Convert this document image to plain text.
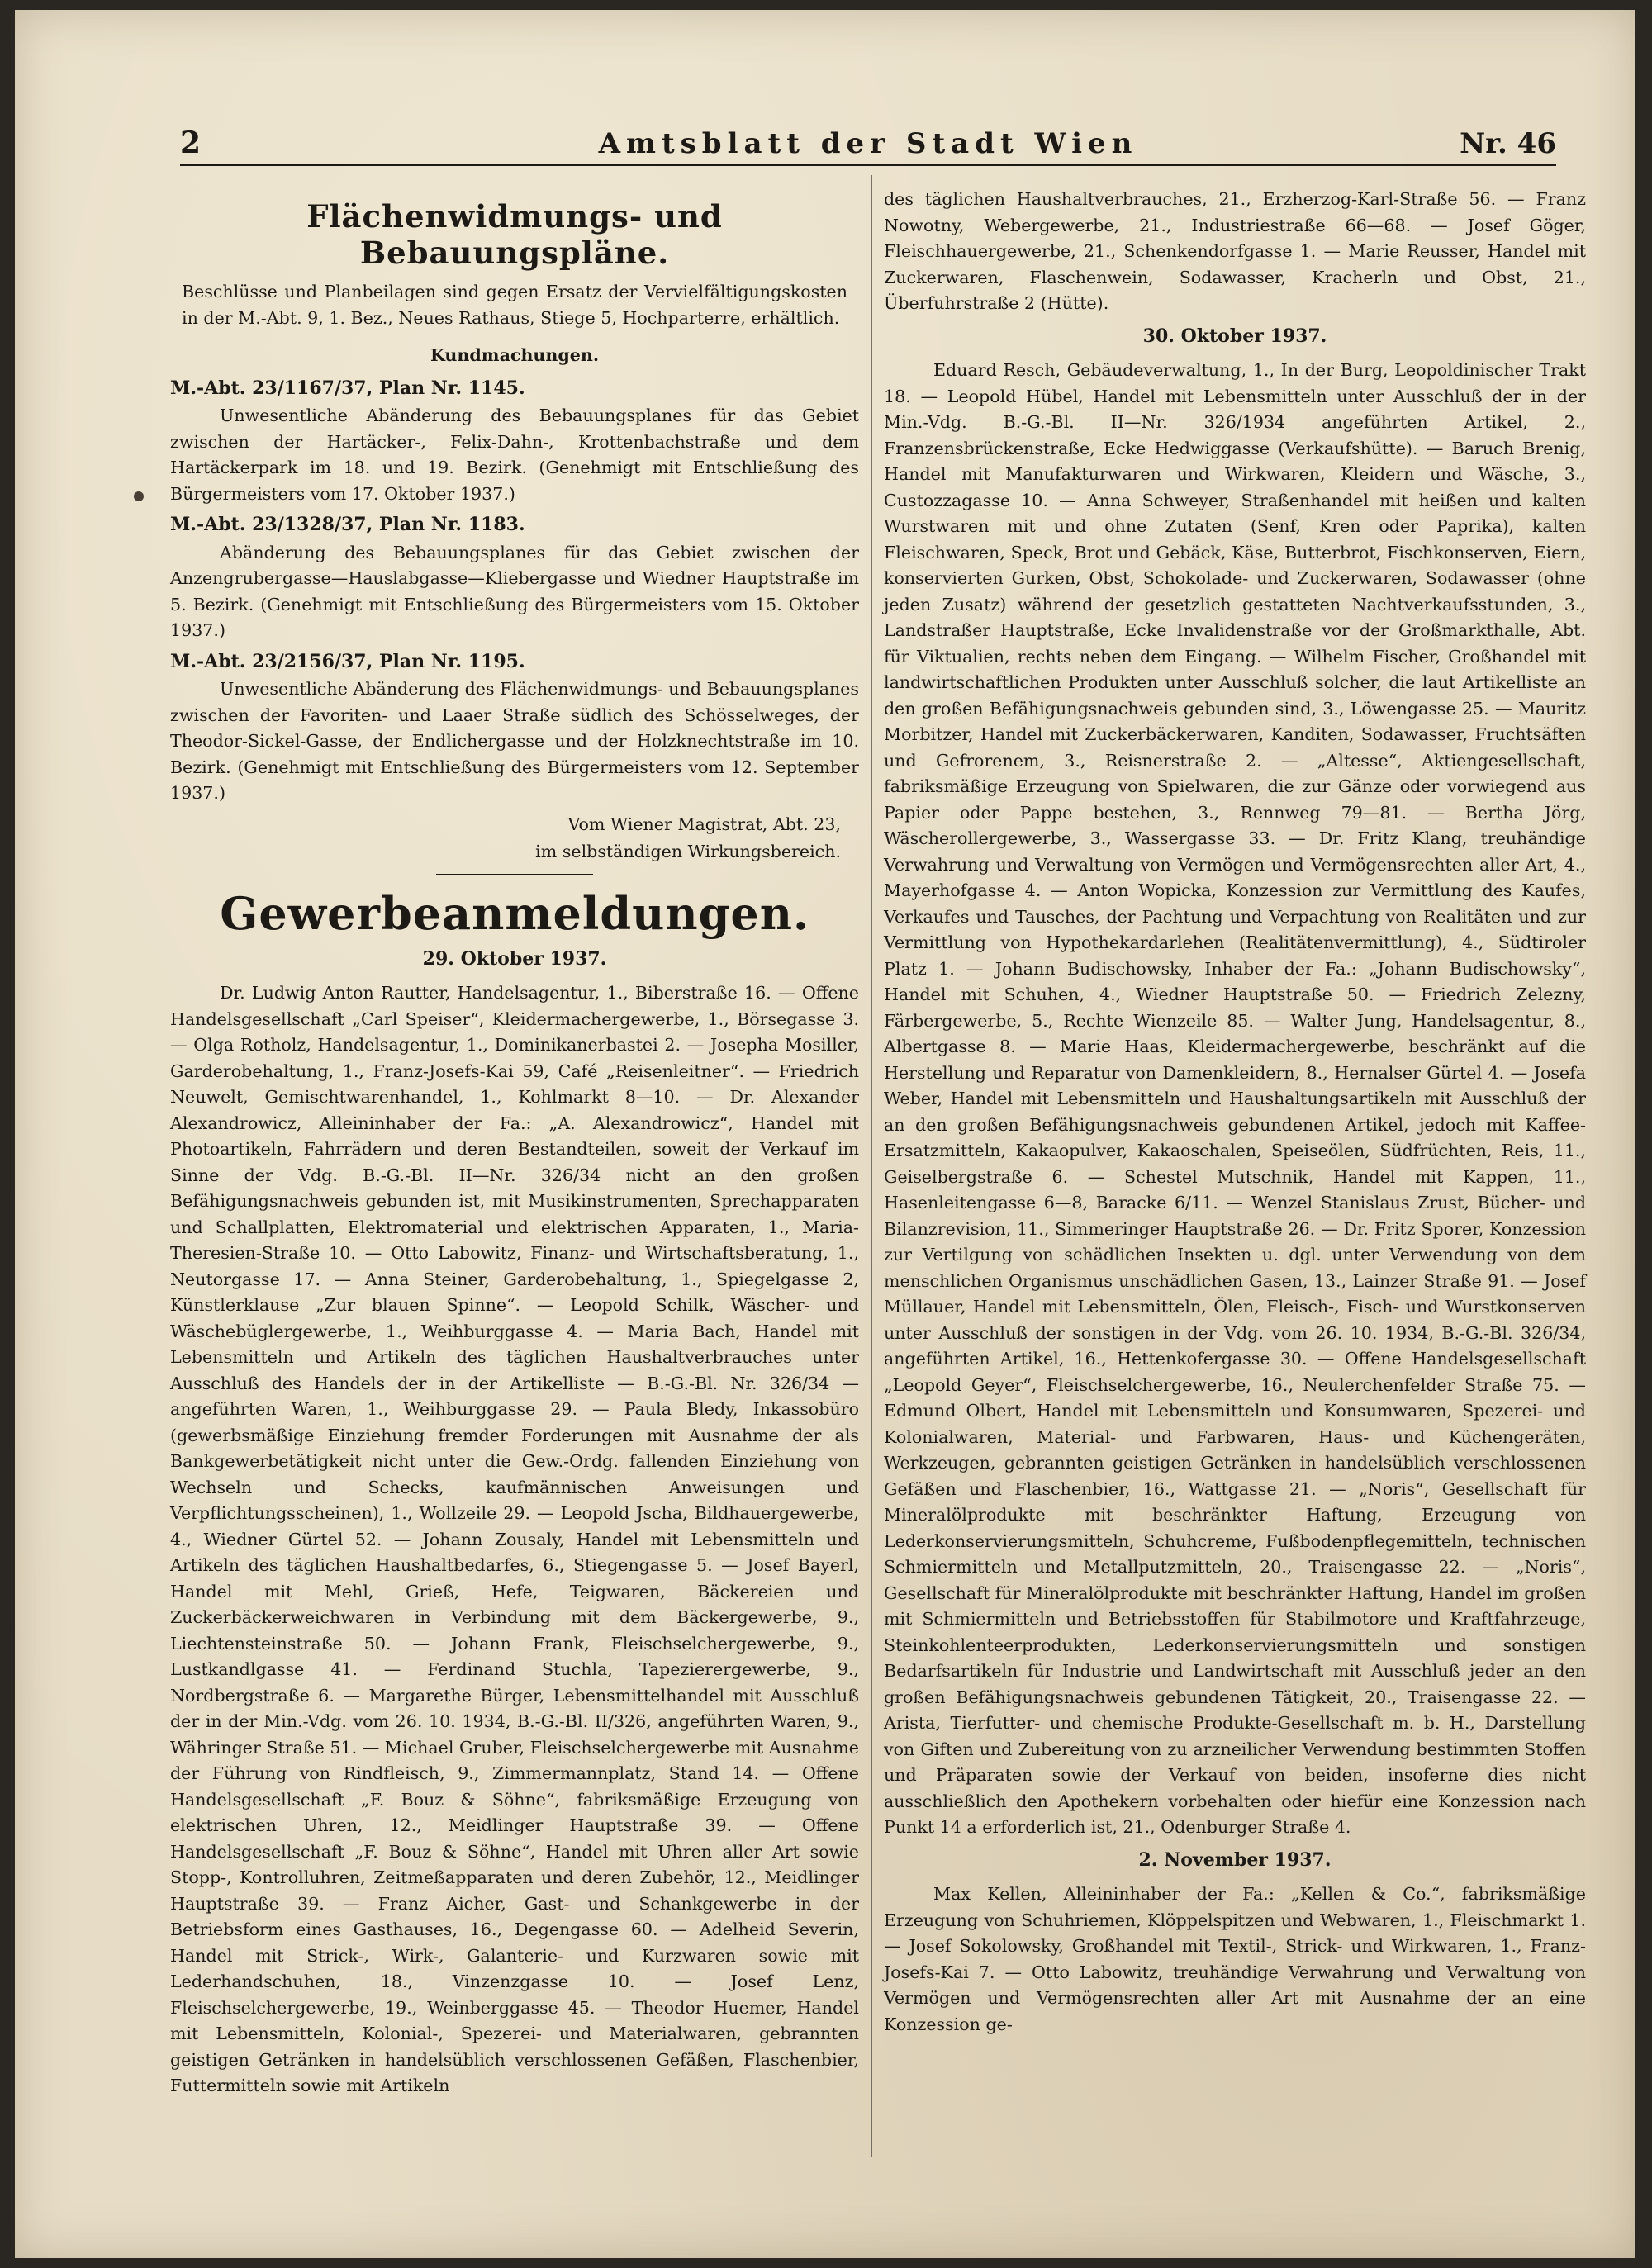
2	Amtsblatt der Stadt Wien	Nr. 46
Flächenwidmungs- und Bebauungspläne.
Beschlüsse und Planbeilagen sind gegen Ersatz der Vervielfältigungskosten in der M.-Abt. 9, 1. Bez., Neues Rathaus, Stiege 5, Hochparterre, erhältlich.
Kundmachungen.
M.-Abt. 23/1167/37, Plan Nr. 1145.

Unwesentliche Abänderung des Bebauungsplanes für das Gebiet zwischen der Hartäcker-, Felix-Dahn-, Krottenbachstraße und dem Hartäckerpark im 18. und 19. Bezirk. (Genehmigt mit Entschließung des Bürgermeisters vom 17. Oktober 1937.)

M.-Abt. 23/1328/37, Plan Nr. 1183.

Abänderung des Bebauungsplanes für das Gebiet zwischen der Anzengrubergasse—Hauslabgasse—Kliebergasse und Wiedner Hauptstraße im 5. Bezirk. (Genehmigt mit Entschließung des Bürgermeisters vom 15. Oktober 1937.)

M.-Abt. 23/2156/37, Plan Nr. 1195.

Unwesentliche Abänderung des Flächenwidmungs- und Bebauungsplanes zwischen der Favoriten- und Laaer Straße südlich des Schösselweges, der Theodor-Sickel-Gasse, der Endlichergasse und der Holzknechtstraße im 10. Bezirk. (Genehmigt mit Entschließung des Bürgermeisters vom 12. September 1937.)

Vom Wiener Magistrat, Abt. 23,
im selbständigen Wirkungsbereich.
Gewerbeanmeldungen.
29. Oktober 1937.

Dr. Ludwig Anton Rautter, Handelsagentur, 1., Biberstraße 16. — Offene Handelsgesellschaft „Carl Speiser“, Kleidermachergewerbe, 1., Börsegasse 3. — Olga Rotholz, Handelsagentur, 1., Dominikanerbastei 2. — Josepha Mosiller, Garderobehaltung, 1., Franz-Josefs-Kai 59, Café „Reisenleitner“. — Friedrich Neuwelt, Gemischtwarenhandel, 1., Kohlmarkt 8—10. — Dr. Alexander Alexandrowicz, Alleininhaber der Fa.: „A. Alexandrowicz“, Handel mit Photoartikeln, Fahrrädern und deren Bestandteilen, soweit der Verkauf im Sinne der Vdg. B.-G.-Bl. II—Nr. 326/34 nicht an den großen Befähigungsnachweis gebunden ist, mit Musikinstrumenten, Sprechapparaten und Schallplatten, Elektromaterial und elektrischen Apparaten, 1., Maria-Theresien-Straße 10. — Otto Labowitz, Finanz- und Wirtschaftsberatung, 1., Neutorgasse 17. — Anna Steiner, Garderobehaltung, 1., Spiegelgasse 2, Künstlerklause „Zur blauen Spinne“. — Leopold Schilk, Wäscher- und Wäschebüglergewerbe, 1., Weihburggasse 4. — Maria Bach, Handel mit Lebensmitteln und Artikeln des täglichen Haushaltverbrauches unter Ausschluß des Handels der in der Artikelliste — B.-G.-Bl. Nr. 326/34 — angeführten Waren, 1., Weihburggasse 29. — Paula Bledy, Inkassobüro (gewerbsmäßige Einziehung fremder Forderungen mit Ausnahme der als Bankgewerbetätigkeit nicht unter die Gew.-Ordg. fallenden Einziehung von Wechseln und Schecks, kaufmännischen Anweisungen und Verpflichtungsscheinen), 1., Wollzeile 29. — Leopold Jscha, Bildhauergewerbe, 4., Wiedner Gürtel 52. — Johann Zousaly, Handel mit Lebensmitteln und Artikeln des täglichen Haushaltbedarfes, 6., Stiegengasse 5. — Josef Bayerl, Handel mit Mehl, Grieß, Hefe, Teigwaren, Bäckereien und Zuckerbäckerweichwaren in Verbindung mit dem Bäckergewerbe, 9., Liechtensteinstraße 50. — Johann Frank, Fleischselchergewerbe, 9., Lustkandlgasse 41. — Ferdinand Stuchla, Tapezierergewerbe, 9., Nordbergstraße 6. — Margarethe Bürger, Lebensmittelhandel mit Ausschluß der in der Min.-Vdg. vom 26. 10. 1934, B.-G.-Bl. II/326, angeführten Waren, 9., Währinger Straße 51. — Michael Gruber, Fleischselchergewerbe mit Ausnahme der Führung von Rindfleisch, 9., Zimmermannplatz, Stand 14. — Offene Handelsgesellschaft „F. Bouz & Söhne“, fabriksmäßige Erzeugung von elektrischen Uhren, 12., Meidlinger Hauptstraße 39. — Offene Handelsgesellschaft „F. Bouz & Söhne“, Handel mit Uhren aller Art sowie Stopp-, Kontrolluhren, Zeitmeßapparaten und deren Zubehör, 12., Meidlinger Hauptstraße 39. — Franz Aicher, Gast- und Schankgewerbe in der Betriebsform eines Gasthauses, 16., Degengasse 60. — Adelheid Severin, Handel mit Strick-, Wirk-, Galanterie- und Kurzwaren sowie mit Lederhandschuhen, 18., Vinzenzgasse 10. — Josef Lenz, Fleischselchergewerbe, 19., Weinberggasse 45. — Theodor Huemer, Handel mit Lebensmitteln, Kolonial-, Spezerei- und Materialwaren, gebrannten geistigen Getränken in handelsüblich verschlossenen Gefäßen, Flaschenbier, Futtermitteln sowie mit Artikeln

des täglichen Haushaltverbrauches, 21., Erzherzog-Karl-Straße 56. — Franz Nowotny, Webergewerbe, 21., Industriestraße 66—68. — Josef Göger, Fleischhauergewerbe, 21., Schenkendorfgasse 1. — Marie Reusser, Handel mit Zuckerwaren, Flaschenwein, Sodawasser, Kracherln und Obst, 21., Überfuhrstraße 2 (Hütte).

30. Oktober 1937.

Eduard Resch, Gebäudeverwaltung, 1., In der Burg, Leopoldinischer Trakt 18. — Leopold Hübel, Handel mit Lebensmitteln unter Ausschluß der in der Min.-Vdg. B.-G.-Bl. II—Nr. 326/1934 angeführten Artikel, 2., Franzensbrückenstraße, Ecke Hedwiggasse (Verkaufshütte). — Baruch Brenig, Handel mit Manufakturwaren und Wirkwaren, Kleidern und Wäsche, 3., Custozzagasse 10. — Anna Schweyer, Straßenhandel mit heißen und kalten Wurstwaren mit und ohne Zutaten (Senf, Kren oder Paprika), kalten Fleischwaren, Speck, Brot und Gebäck, Käse, Butterbrot, Fischkonserven, Eiern, konservierten Gurken, Obst, Schokolade- und Zuckerwaren, Sodawasser (ohne jeden Zusatz) während der gesetzlich gestatteten Nachtverkaufsstunden, 3., Landstraßer Hauptstraße, Ecke Invalidenstraße vor der Großmarkthalle, Abt. für Viktualien, rechts neben dem Eingang. — Wilhelm Fischer, Großhandel mit landwirtschaftlichen Produkten unter Ausschluß solcher, die laut Artikelliste an den großen Befähigungsnachweis gebunden sind, 3., Löwengasse 25. — Mauritz Morbitzer, Handel mit Zuckerbäckerwaren, Kanditen, Sodawasser, Fruchtsäften und Gefrorenem, 3., Reisnerstraße 2. — „Altesse“, Aktiengesellschaft, fabriksmäßige Erzeugung von Spielwaren, die zur Gänze oder vorwiegend aus Papier oder Pappe bestehen, 3., Rennweg 79—81. — Bertha Jörg, Wäscherollergewerbe, 3., Wassergasse 33. — Dr. Fritz Klang, treuhändige Verwahrung und Verwaltung von Vermögen und Vermögensrechten aller Art, 4., Mayerhofgasse 4. — Anton Wopicka, Konzession zur Vermittlung des Kaufes, Verkaufes und Tausches, der Pachtung und Verpachtung von Realitäten und zur Vermittlung von Hypothekardarlehen (Realitätenvermittlung), 4., Südtiroler Platz 1. — Johann Budischowsky, Inhaber der Fa.: „Johann Budischowsky“, Handel mit Schuhen, 4., Wiedner Hauptstraße 50. — Friedrich Zelezny, Färbergewerbe, 5., Rechte Wienzeile 85. — Walter Jung, Handelsagentur, 8., Albertgasse 8. — Marie Haas, Kleidermachergewerbe, beschränkt auf die Herstellung und Reparatur von Damenkleidern, 8., Hernalser Gürtel 4. — Josefa Weber, Handel mit Lebensmitteln und Haushaltungsartikeln mit Ausschluß der an den großen Befähigungsnachweis gebundenen Artikel, jedoch mit Kaffee-Ersatzmitteln, Kakaopulver, Kakaoschalen, Speiseölen, Südfrüchten, Reis, 11., Geiselbergstraße 6. — Schestel Mutschnik, Handel mit Kappen, 11., Hasenleitengasse 6—8, Baracke 6/11. — Wenzel Stanislaus Zrust, Bücher- und Bilanzrevision, 11., Simmeringer Hauptstraße 26. — Dr. Fritz Sporer, Konzession zur Vertilgung von schädlichen Insekten u. dgl. unter Verwendung von dem menschlichen Organismus unschädlichen Gasen, 13., Lainzer Straße 91. — Josef Müllauer, Handel mit Lebensmitteln, Ölen, Fleisch-, Fisch- und Wurstkonserven unter Ausschluß der sonstigen in der Vdg. vom 26. 10. 1934, B.-G.-Bl. 326/34, angeführten Artikel, 16., Hettenkofergasse 30. — Offene Handelsgesellschaft „Leopold Geyer“, Fleischselchergewerbe, 16., Neulerchenfelder Straße 75. — Edmund Olbert, Handel mit Lebensmitteln und Konsumwaren, Spezerei- und Kolonialwaren, Material- und Farbwaren, Haus- und Küchengeräten, Werkzeugen, gebrannten geistigen Getränken in handelsüblich verschlossenen Gefäßen und Flaschenbier, 16., Wattgasse 21. — „Noris“, Gesellschaft für Mineralölprodukte mit beschränkter Haftung, Erzeugung von Lederkonservierungsmitteln, Schuhcreme, Fußbodenpflegemitteln, technischen Schmiermitteln und Metallputzmitteln, 20., Traisengasse 22. — „Noris“, Gesellschaft für Mineralölprodukte mit beschränkter Haftung, Handel im großen mit Schmiermitteln und Betriebsstoffen für Stabilmotore und Kraftfahrzeuge, Steinkohlenteerprodukten, Lederkonservierungsmitteln und sonstigen Bedarfsartikeln für Industrie und Landwirtschaft mit Ausschluß jeder an den großen Befähigungsnachweis gebundenen Tätigkeit, 20., Traisengasse 22. — Arista, Tierfutter- und chemische Produkte-Gesellschaft m. b. H., Darstellung von Giften und Zubereitung von zu arzneilicher Verwendung bestimmten Stoffen und Präparaten sowie der Verkauf von beiden, insoferne dies nicht ausschließlich den Apothekern vorbehalten oder hiefür eine Konzession nach Punkt 14 a erforderlich ist, 21., Odenburger Straße 4.

2. November 1937.

Max Kellen, Alleininhaber der Fa.: „Kellen & Co.“, fabriksmäßige Erzeugung von Schuhriemen, Klöppelspitzen und Webwaren, 1., Fleischmarkt 1. — Josef Sokolowsky, Großhandel mit Textil-, Strick- und Wirkwaren, 1., Franz-Josefs-Kai 7. — Otto Labowitz, treuhändige Verwahrung und Verwaltung von Vermögen und Vermögensrechten aller Art mit Ausnahme der an eine Konzession ge-
